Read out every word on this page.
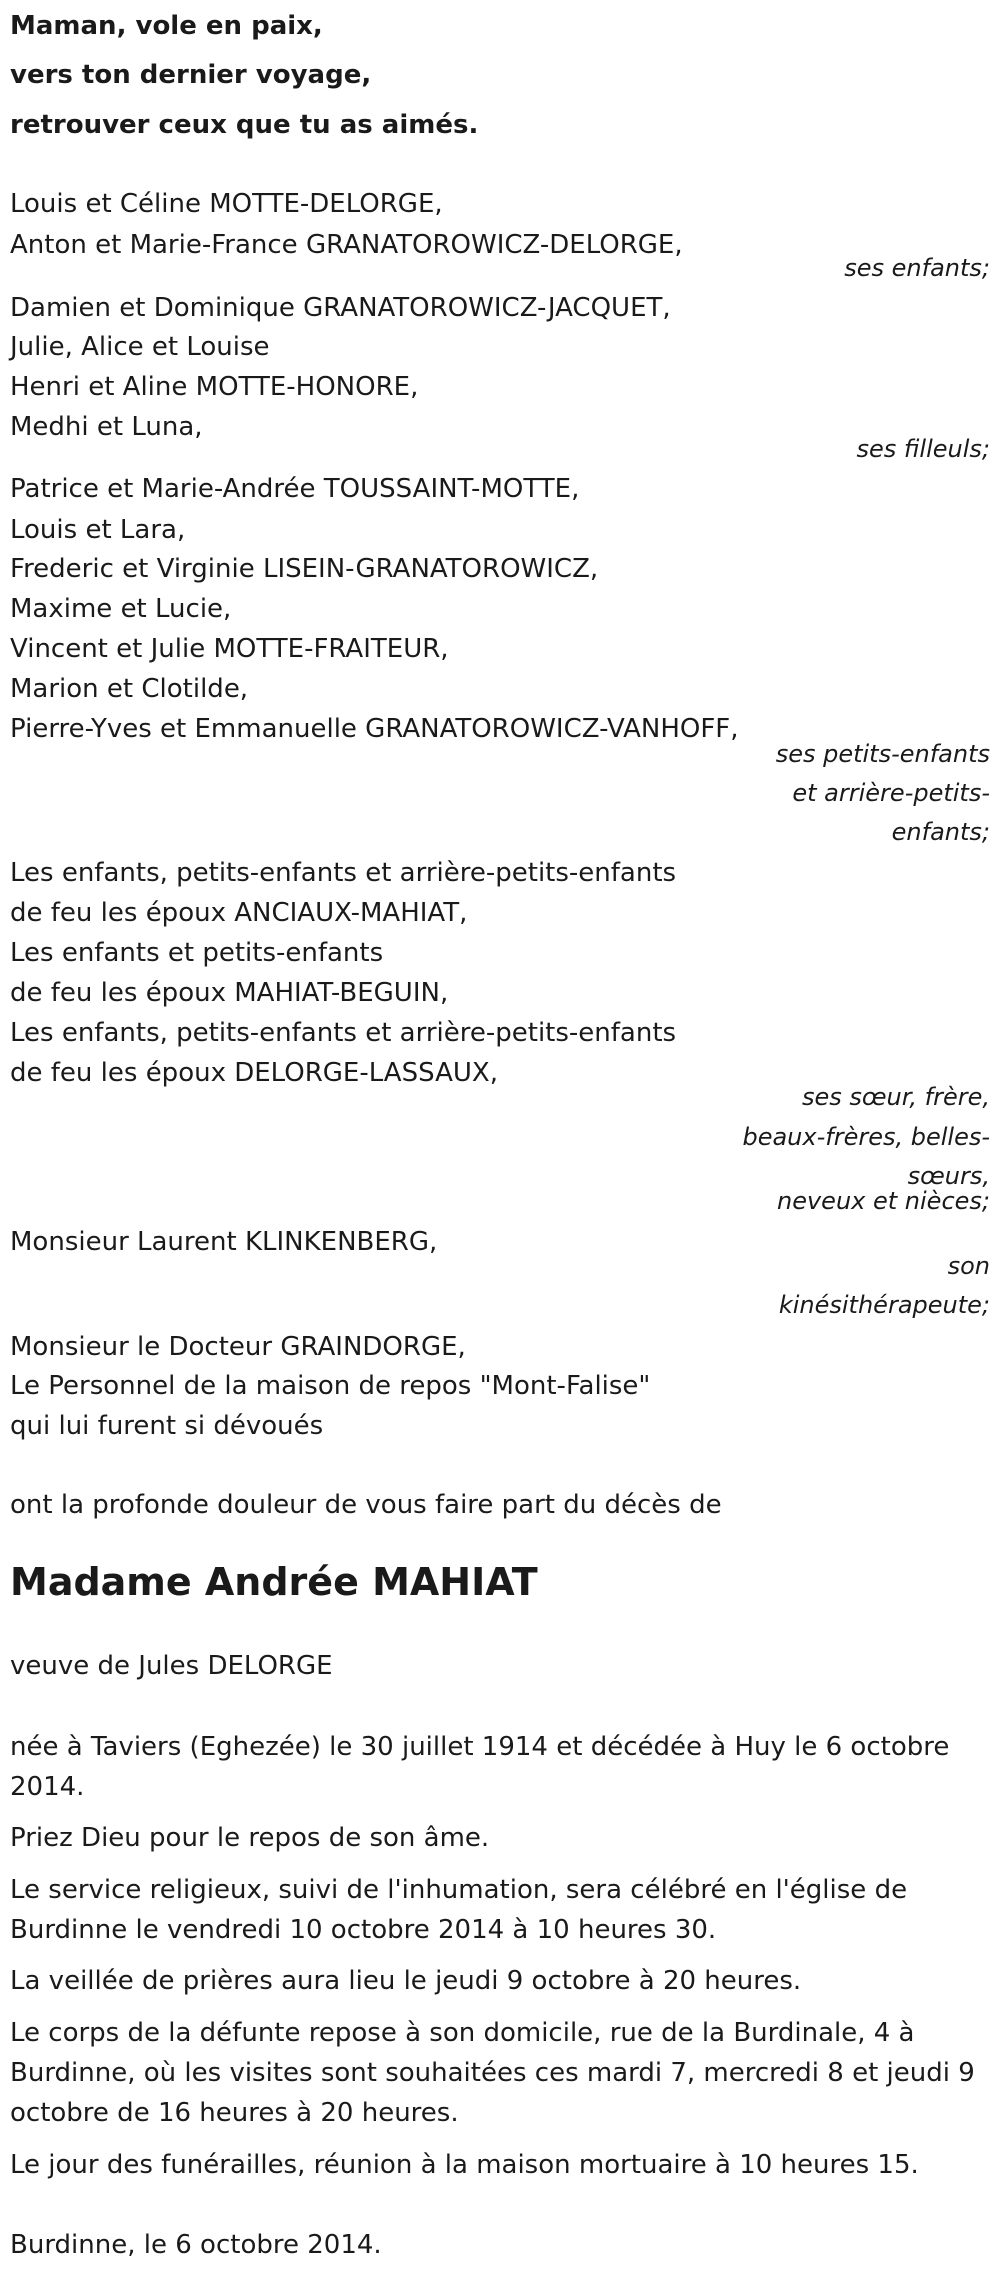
Maman, vole en paix,
vers ton dernier voyage,
retrouver ceux que tu as aimés.
Louis et Céline MOTTE-DELORGE,
Anton et Marie-France GRANATOROWICZ-DELORGE,
ses enfants;
Damien et Dominique GRANATOROWICZ-JACQUET,
Julie, Alice et Louise
Henri et Aline MOTTE-HONORE,
Medhi et Luna,
ses filleuls;
Patrice et Marie-Andrée TOUSSAINT-MOTTE,
Louis et Lara,
Frederic et Virginie LISEIN-GRANATOROWICZ,
Maxime et Lucie,
Vincent et Julie MOTTE-FRAITEUR,
Marion et Clotilde,
Pierre-Yves et Emmanuelle GRANATOROWICZ-VANHOFF,
ses petits-enfants
et arrière-petits-
enfants;
Les enfants, petits-enfants et arrière-petits-enfants
de feu les époux ANCIAUX-MAHIAT,
Les enfants et petits-enfants
de feu les époux MAHIAT-BEGUIN,
Les enfants, petits-enfants et arrière-petits-enfants
de feu les époux DELORGE-LASSAUX,
ses sœur, frère,
beaux-frères, belles-
sœurs,
neveux et nièces;
Monsieur Laurent KLINKENBERG,
son
kinésithérapeute;
Monsieur le Docteur GRAINDORGE,
Le Personnel de la maison de repos "Mont-Falise"
qui lui furent si dévoués
ont la profonde douleur de vous faire part du décès de
Madame Andrée MAHIAT
veuve de Jules DELORGE
née à Taviers (Eghezée) le 30 juillet 1914 et décédée à Huy le 6 octobre
2014.
Priez Dieu pour le repos de son âme.
Le service religieux, suivi de l'inhumation, sera célébré en l'église de
Burdinne le vendredi 10 octobre 2014 à 10 heures 30.
La veillée de prières aura lieu le jeudi 9 octobre à 20 heures.
Le corps de la défunte repose à son domicile, rue de la Burdinale, 4 à
Burdinne, où les visites sont souhaitées ces mardi 7, mercredi 8 et jeudi 9
octobre de 16 heures à 20 heures.
Le jour des funérailles, réunion à la maison mortuaire à 10 heures 15.
Burdinne, le 6 octobre 2014.
